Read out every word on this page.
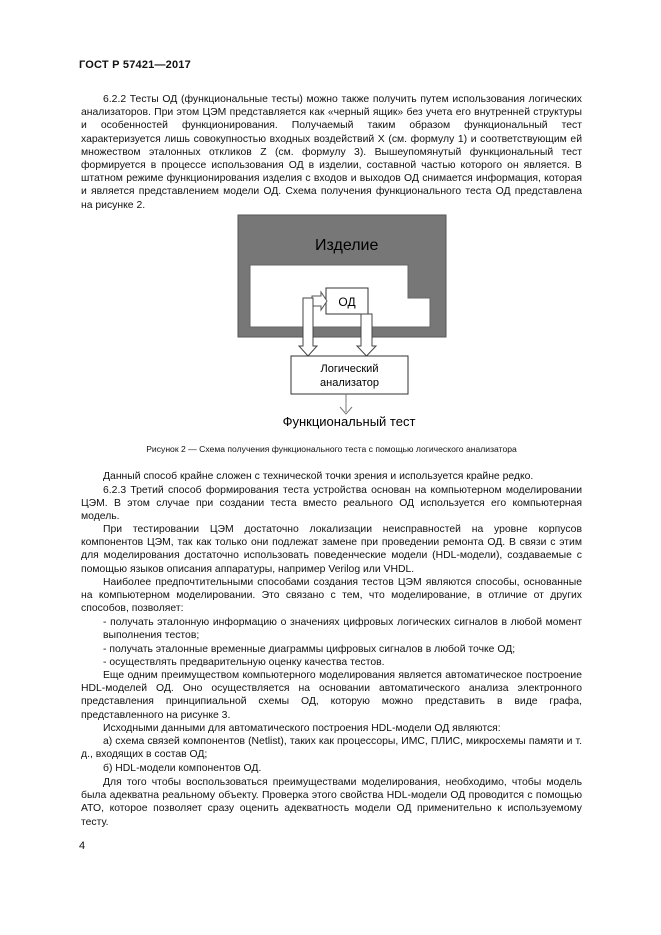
ГОСТ Р 57421—2017

6.2.2 Тесты ОД (функциональные тесты) можно также получить путем использования логических анализаторов. При этом ЦЭМ представляется как «черный ящик» без учета его внутренней структуры и особенностей функционирования. Получаемый таким образом функциональный тест характеризуется лишь совокупностью входных воздействий X (см. формулу 1) и соответствующим ей множеством эталонных откликов Z (см. формулу 3). Вышеупомянутый функциональный тест формируется в процессе использования ОД в изделии, составной частью которого он является. В штатном режиме функционирования изделия с входов и выходов ОД снимается информация, которая и является представлением модели ОД. Схема получения функционального теста ОД представлена на рисунке 2.

Изделие
ОД
Логический
анализатор
Функциональный тест
Рисунок 2 — Схема получения функционального теста с помощью логического анализатора

Данный способ крайне сложен с технической точки зрения и используется крайне редко.

6.2.3 Третий способ формирования теста устройства основан на компьютерном моделировании ЦЭМ. В этом случае при создании теста вместо реального ОД используется его компьютерная модель.

При тестировании ЦЭМ достаточно локализации неисправностей на уровне корпусов компонентов ЦЭМ, так как только они подлежат замене при проведении ремонта ОД. В связи с этим для моделирования достаточно использовать поведенческие модели (HDL-модели), создаваемые с помощью языков описания аппаратуры, например Verilog или VHDL.

Наиболее предпочтительными способами создания тестов ЦЭМ являются способы, основанные на компьютерном моделировании. Это связано с тем, что моделирование, в отличие от других способов, позволяет:

- получать эталонную информацию о значениях цифровых логических сигналов в любой момент выполнения тестов;

- получать эталонные временные диаграммы цифровых сигналов в любой точке ОД;

- осуществлять предварительную оценку качества тестов.

Еще одним преимуществом компьютерного моделирования является автоматическое построение HDL-моделей ОД. Оно осуществляется на основании автоматического анализа электронного представления принципиальной схемы ОД, которую можно представить в виде графа, представленного на рисунке 3.

Исходными данными для автоматического построения HDL-модели ОД являются:

а) схема связей компонентов (Netlist), таких как процессоры, ИМС, ПЛИС, микросхемы памяти и т. д., входящих в состав ОД;

б) HDL-модели компонентов ОД.

Для того чтобы воспользоваться преимуществами моделирования, необходимо, чтобы модель была адекватна реальному объекту. Проверка этого свойства HDL-модели ОД проводится с помощью АТО, которое позволяет сразу оценить адекватность модели ОД применительно к используемому тесту.

4
